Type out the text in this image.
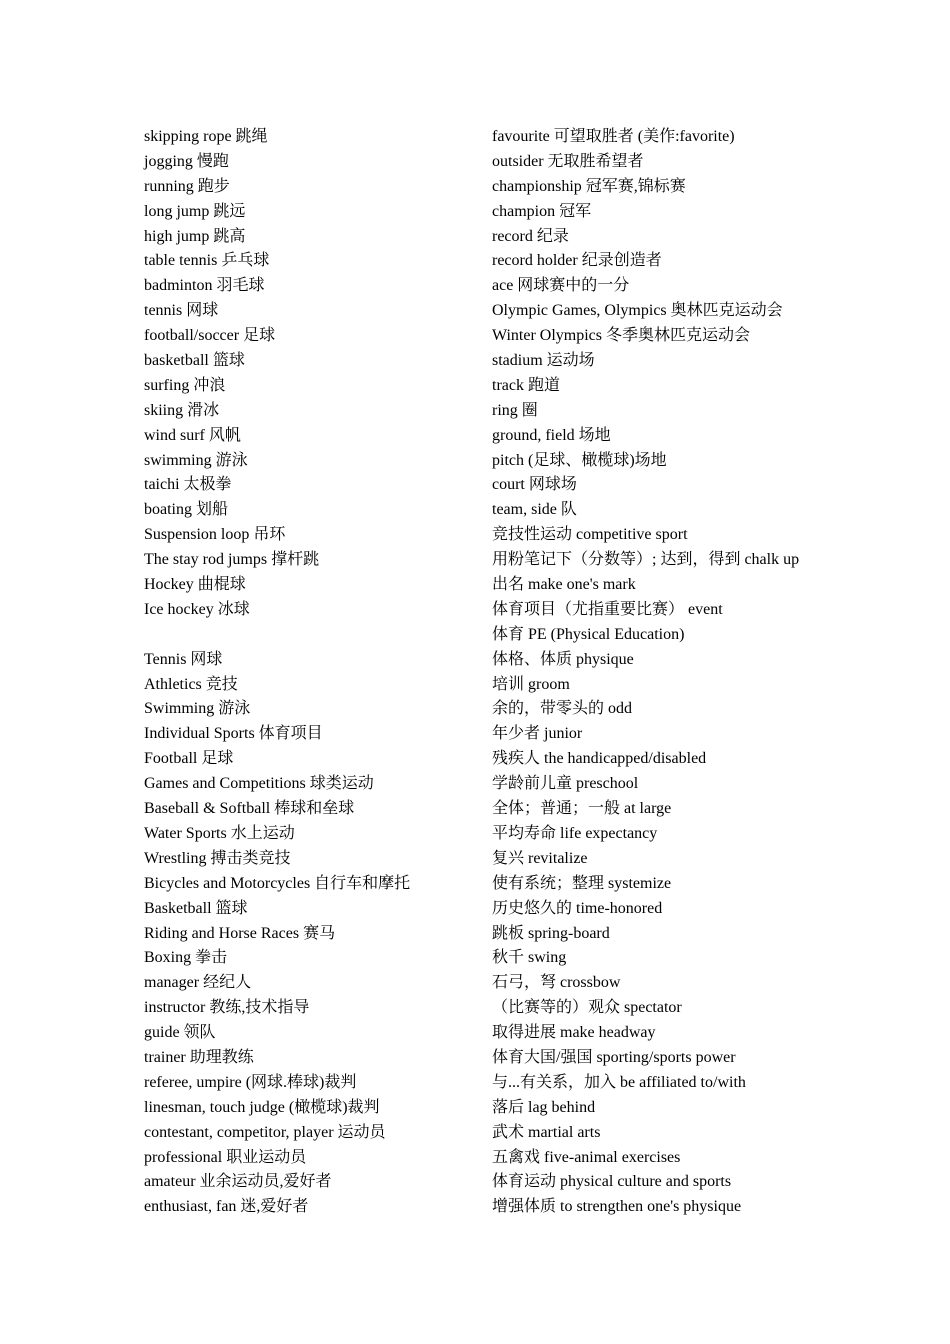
skipping rope 跳绳
jogging 慢跑
running 跑步
long jump 跳远
high jump 跳高
table tennis 乒乓球
badminton 羽毛球
tennis 网球
football/soccer 足球
basketball 篮球
surfing 冲浪
skiing 滑冰
wind surf 风帆
swimming 游泳
taichi 太极拳
boating 划船
Suspension loop 吊环
The stay rod jumps 撑杆跳
Hockey 曲棍球
Ice hockey 冰球
Tennis 网球
Athletics 竞技
Swimming 游泳
Individual Sports 体育项目
Football 足球
Games and Competitions 球类运动
Baseball & Softball 棒球和垒球
Water Sports 水上运动
Wrestling 搏击类竞技
Bicycles and Motorcycles 自行车和摩托
Basketball 篮球
Riding and Horse Races 赛马
Boxing 拳击
manager 经纪人
instructor 教练,技术指导
guide 领队
trainer 助理教练
referee, umpire (网球.棒球)裁判
linesman, touch judge (橄榄球)裁判
contestant, competitor, player 运动员
professional 职业运动员
amateur 业余运动员,爱好者
enthusiast, fan 迷,爱好者
favourite 可望取胜者 (美作:favorite)
outsider 无取胜希望者
championship 冠军赛,锦标赛
champion 冠军
record 纪录
record holder 纪录创造者
ace 网球赛中的一分
Olympic Games, Olympics 奥林匹克运动会
Winter Olympics 冬季奥林匹克运动会
stadium 运动场
track 跑道
ring 圈
ground, field 场地
pitch (足球、橄榄球)场地
court 网球场
team, side 队
竞技性运动 competitive sport
用粉笔记下（分数等）; 达到，得到 chalk up
出名 make one's mark
体育项目（尤指重要比赛） event
体育 PE (Physical Education)
体格、体质 physique
培训 groom
余的，带零头的 odd
年少者 junior
残疾人 the handicapped/disabled
学龄前儿童 preschool
全体；普通；一般 at large
平均寿命 life expectancy
复兴 revitalize
使有系统；整理 systemize
历史悠久的 time-honored
跳板 spring-board
秋千 swing
石弓，弩 crossbow
（比赛等的）观众 spectator
取得进展 make headway
体育大国/强国 sporting/sports power
与...有关系，加入 be affiliated to/with
落后 lag behind
武术 martial arts
五禽戏 five-animal exercises
体育运动 physical culture and sports
增强体质 to strengthen one's physique
